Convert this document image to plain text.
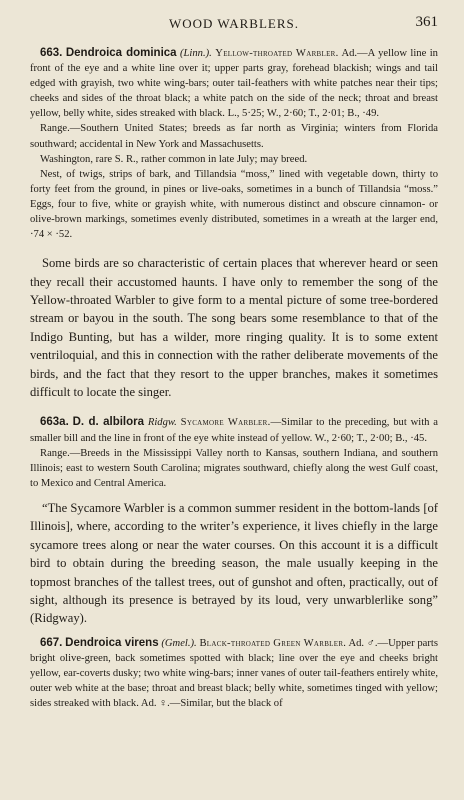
WOOD WARBLERS.	361

663. Dendroica dominica (Linn.). Yellow-throated Warbler. Ad.—A yellow line in front of the eye and a white line over it; upper parts gray, forehead blackish; wings and tail edged with grayish, two white wing-bars; outer tail-feathers with white patches near their tips; cheeks and sides of the throat black; a white patch on the side of the neck; throat and breast yellow, belly white, sides streaked with black. L., 5·25; W., 2·60; T., 2·01; B., ·49.

Range.—Southern United States; breeds as far north as Virginia; winters from Florida southward; accidental in New York and Massachusetts.

Washington, rare S. R., rather common in late July; may breed.

Nest, of twigs, strips of bark, and Tillandsia “moss,” lined with vegetable down, thirty to forty feet from the ground, in pines or live-oaks, sometimes in a bunch of Tillandsia “moss.” Eggs, four to five, white or grayish white, with numerous distinct and obscure cinnamon- or olive-brown markings, sometimes evenly distributed, sometimes in a wreath at the larger end, ·74 × ·52.

Some birds are so characteristic of certain places that wherever heard or seen they recall their accustomed haunts. I have only to remember the song of the Yellow-throated Warbler to give form to a mental picture of some tree-bordered stream or bayou in the south. The song bears some resemblance to that of the Indigo Bunting, but has a wilder, more ringing quality. It is to some extent ventriloquial, and this in connection with the rather deliberate movements of the birds, and the fact that they resort to the upper branches, makes it sometimes difficult to locate the singer.

663a. D. d. albilora Ridgw. Sycamore Warbler.—Similar to the preceding, but with a smaller bill and the line in front of the eye white instead of yellow. W., 2·60; T., 2·00; B., ·45.

Range.—Breeds in the Mississippi Valley north to Kansas, southern Indiana, and southern Illinois; east to western South Carolina; migrates southward, chiefly along the west Gulf coast, to Mexico and Central America.

“The Sycamore Warbler is a common summer resident in the bottom-lands [of Illinois], where, according to the writer’s experience, it lives chiefly in the large sycamore trees along or near the water courses. On this account it is a difficult bird to obtain during the breeding season, the male usually keeping in the topmost branches of the tallest trees, out of gunshot and often, practically, out of sight, although its presence is betrayed by its loud, very unwarblerlike song” (Ridgway).

667. Dendroica virens (Gmel.). Black-throated Green Warbler. Ad. ♂.—Upper parts bright olive-green, back sometimes spotted with black; line over the eye and cheeks bright yellow, ear-coverts dusky; two white wing-bars; inner vanes of outer tail-feathers entirely white, outer web white at the base; throat and breast black; belly white, sometimes tinged with yellow; sides streaked with black. Ad. ♀.—Similar, but the black of
